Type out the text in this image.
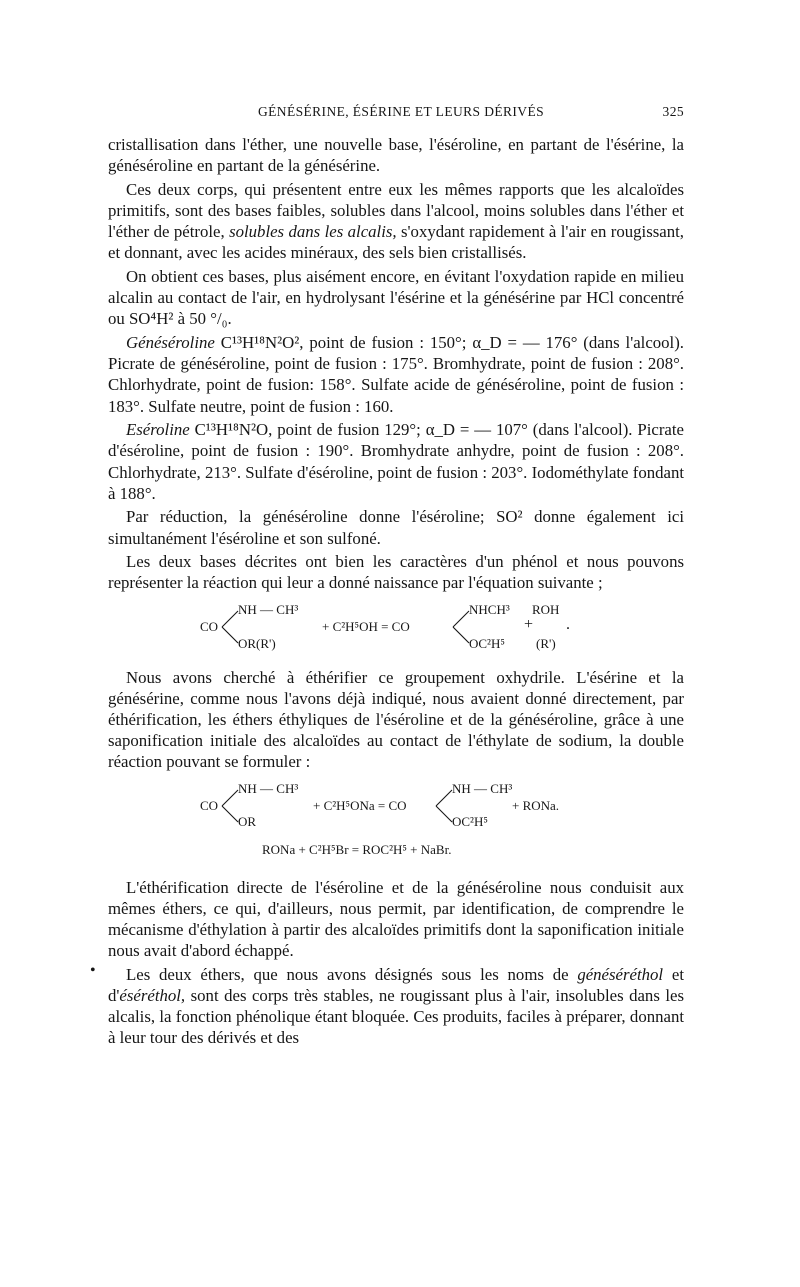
GÉNÉSÉRINE, ÉSÉRINE ET LEURS DÉRIVÉS	325
•

cristallisation dans l'éther, une nouvelle base, l'éséroline, en partant de l'ésérine, la généséroline en partant de la génésérine.

Ces deux corps, qui présentent entre eux les mêmes rapports que les alcaloïdes primitifs, sont des bases faibles, solubles dans l'alcool, moins solubles dans l'éther et l'éther de pétrole, solubles dans les alcalis, s'oxydant rapidement à l'air en rougissant, et donnant, avec les acides minéraux, des sels bien cristallisés.

On obtient ces bases, plus aisément encore, en évitant l'oxydation rapide en milieu alcalin au contact de l'air, en hydrolysant l'ésérine et la génésérine par HCl concentré ou SO⁴H² à 50 °/₀.

Généséroline C¹³H¹⁸N²O², point de fusion : 150°; α_D = — 176° (dans l'alcool). Picrate de généséroline, point de fusion : 175°. Bromhydrate, point de fusion : 208°. Chlorhydrate, point de fusion: 158°. Sulfate acide de généséroline, point de fusion : 183°. Sulfate neutre, point de fusion : 160.

Eséroline C¹³H¹⁸N²O, point de fusion 129°; α_D = — 107° (dans l'alcool). Picrate d'éséroline, point de fusion : 190°. Bromhydrate anhydre, point de fusion : 208°. Chlorhydrate, 213°. Sulfate d'éséroline, point de fusion : 203°. Iodométhylate fondant à 188°.

Par réduction, la généséroline donne l'éséroline; SO² donne également ici simultanément l'éséroline et son sulfoné.

Les deux bases décrites ont bien les caractères d'un phénol et nous pouvons représenter la réaction qui leur a donné naissance par l'équation suivante ;

CO
NH — CH³
OR(R')
+ C²H⁵OH = CO
NHCH³
OC²H⁵
+
ROH
(R')
.

Nous avons cherché à éthérifier ce groupement oxhydrile. L'ésérine et la génésérine, comme nous l'avons déjà indiqué, nous avaient donné directement, par éthérification, les éthers éthyliques de l'éséroline et de la généséroline, grâce à une saponification initiale des alcaloïdes au contact de l'éthylate de sodium, la double réaction pouvant se formuler :

CO
NH — CH³
OR
+ C²H⁵ONa = CO
NH — CH³
OC²H⁵
+ RONa.
RONa + C²H⁵Br = ROC²H⁵ + NaBr.

L'éthérification directe de l'éséroline et de la généséroline nous conduisit aux mêmes éthers, ce qui, d'ailleurs, nous permit, par identification, de comprendre le mécanisme d'éthylation à partir des alcaloïdes primitifs dont la saponification initiale nous avait d'abord échappé.

Les deux éthers, que nous avons désignés sous les noms de généséréthol et d'éséréthol, sont des corps très stables, ne rougissant plus à l'air, insolubles dans les alcalis, la fonction phénolique étant bloquée. Ces produits, faciles à préparer, donnant à leur tour des dérivés et des
